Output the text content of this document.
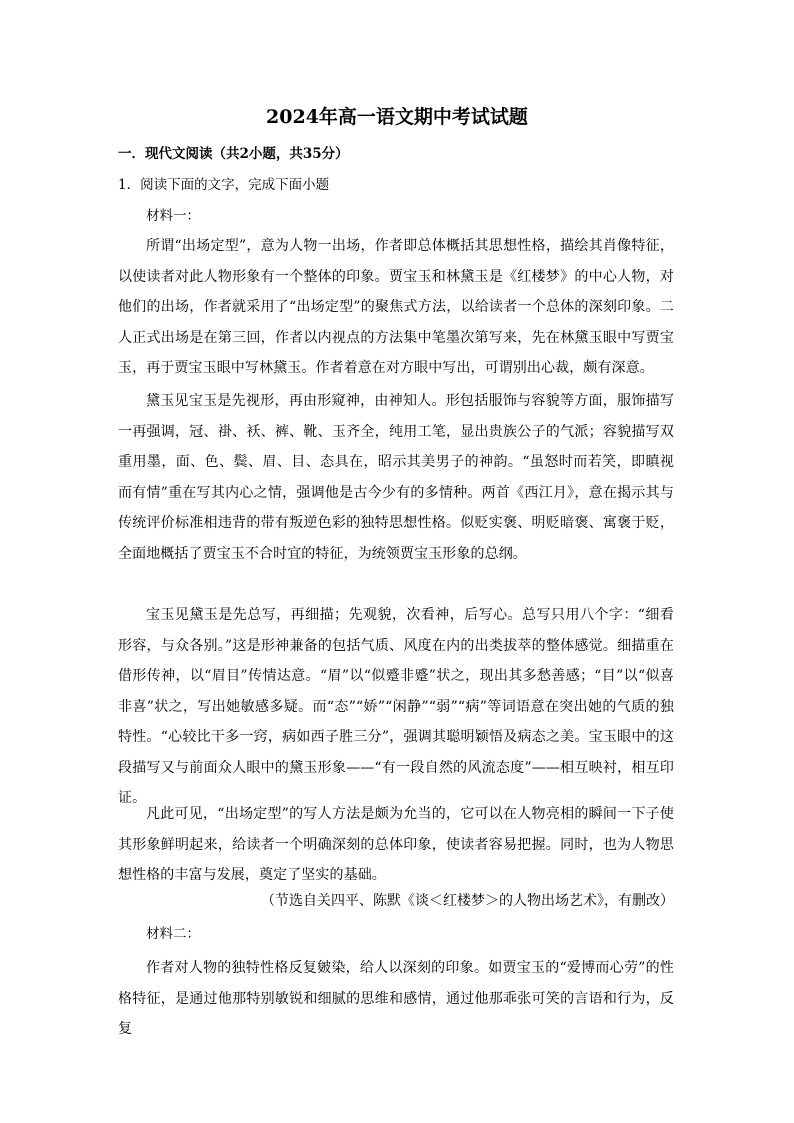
2024年高一语文期中考试试题
一．现代文阅读（共2小题，共35分）
1．阅读下面的文字，完成下面小题
材料一：

所谓“出场定型”，意为人物一出场，作者即总体概括其思想性格，描绘其肖像特征，以使读者对此人物形象有一个整体的印象。贾宝玉和林黛玉是《红楼梦》的中心人物，对他们的出场，作者就采用了“出场定型”的聚焦式方法，以给读者一个总体的深刻印象。二人正式出场是在第三回，作者以内视点的方法集中笔墨次第写来，先在林黛玉眼中写贾宝玉，再于贾宝玉眼中写林黛玉。作者着意在对方眼中写出，可谓别出心裁，颇有深意。

黛玉见宝玉是先视形，再由形窥神，由神知人。形包括服饰与容貌等方面，服饰描写一再强调，冠、褂、袄、裤、靴、玉齐全，纯用工笔，显出贵族公子的气派；容貌描写双重用墨，面、色、鬓、眉、目、态具在，昭示其美男子的神韵。“虽怒时而若笑，即瞋视而有情”重在写其内心之情，强调他是古今少有的多情种。两首《西江月》，意在揭示其与传统评价标准相违背的带有叛逆色彩的独特思想性格。似贬实褒、明贬暗褒、寓褒于贬，全面地概括了贾宝玉不合时宜的特征，为统领贾宝玉形象的总纲。

宝玉见黛玉是先总写，再细描；先观貌，次看神，后写心。总写只用八个字：“细看形容，与众各别。”这是形神兼备的包括气质、风度在内的出类拔萃的整体感觉。细描重在借形传神，以“眉目”传情达意。“眉”以“似蹙非蹙”状之，现出其多愁善感；“目”以“似喜非喜”状之，写出她敏感多疑。而“态”“娇”“闲静”“弱”“病”等词语意在突出她的气质的独特性。“心较比干多一窍，病如西子胜三分”，强调其聪明颖悟及病态之美。宝玉眼中的这段描写又与前面众人眼中的黛玉形象——“有一段自然的风流态度”——相互映衬，相互印证。

凡此可见，“出场定型”的写人方法是颇为允当的，它可以在人物亮相的瞬间一下子使其形象鲜明起来，给读者一个明确深刻的总体印象，使读者容易把握。同时，也为人物思想性格的丰富与发展，奠定了坚实的基础。

（节选自关四平、陈默《谈＜红楼梦＞的人物出场艺术》，有删改）
材料二：

作者对人物的独特性格反复皴染，给人以深刻的印象。如贾宝玉的“爱博而心劳”的性格特征，是通过他那特别敏锐和细腻的思维和感情，通过他那乖张可笑的言语和行为，反复
